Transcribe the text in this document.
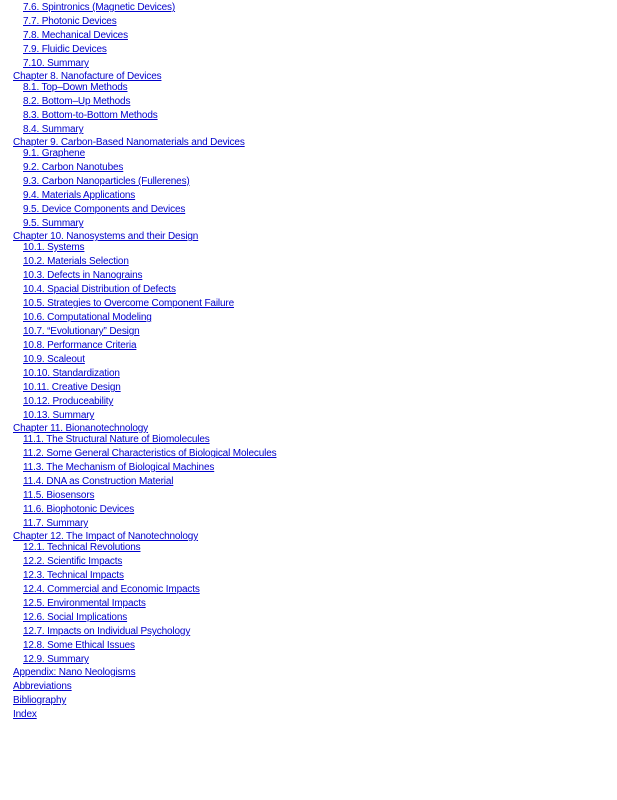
7.6. Spintronics (Magnetic Devices)
7.7. Photonic Devices
7.8. Mechanical Devices
7.9. Fluidic Devices
7.10. Summary
Chapter 8. Nanofacture of Devices
8.1. Top–Down Methods
8.2. Bottom–Up Methods
8.3. Bottom-to-Bottom Methods
8.4. Summary
Chapter 9. Carbon-Based Nanomaterials and Devices
9.1. Graphene
9.2. Carbon Nanotubes
9.3. Carbon Nanoparticles (Fullerenes)
9.4. Materials Applications
9.5. Device Components and Devices
9.5. Summary
Chapter 10. Nanosystems and their Design
10.1. Systems
10.2. Materials Selection
10.3. Defects in Nanograins
10.4. Spacial Distribution of Defects
10.5. Strategies to Overcome Component Failure
10.6. Computational Modeling
10.7. “Evolutionary” Design
10.8. Performance Criteria
10.9. Scaleout
10.10. Standardization
10.11. Creative Design
10.12. Produceability
10.13. Summary
Chapter 11. Bionanotechnology
11.1. The Structural Nature of Biomolecules
11.2. Some General Characteristics of Biological Molecules
11.3. The Mechanism of Biological Machines
11.4. DNA as Construction Material
11.5. Biosensors
11.6. Biophotonic Devices
11.7. Summary
Chapter 12. The Impact of Nanotechnology
12.1. Technical Revolutions
12.2. Scientific Impacts
12.3. Technical Impacts
12.4. Commercial and Economic Impacts
12.5. Environmental Impacts
12.6. Social Implications
12.7. Impacts on Individual Psychology
12.8. Some Ethical Issues
12.9. Summary
Appendix: Nano Neologisms
Abbreviations
Bibliography
Index
